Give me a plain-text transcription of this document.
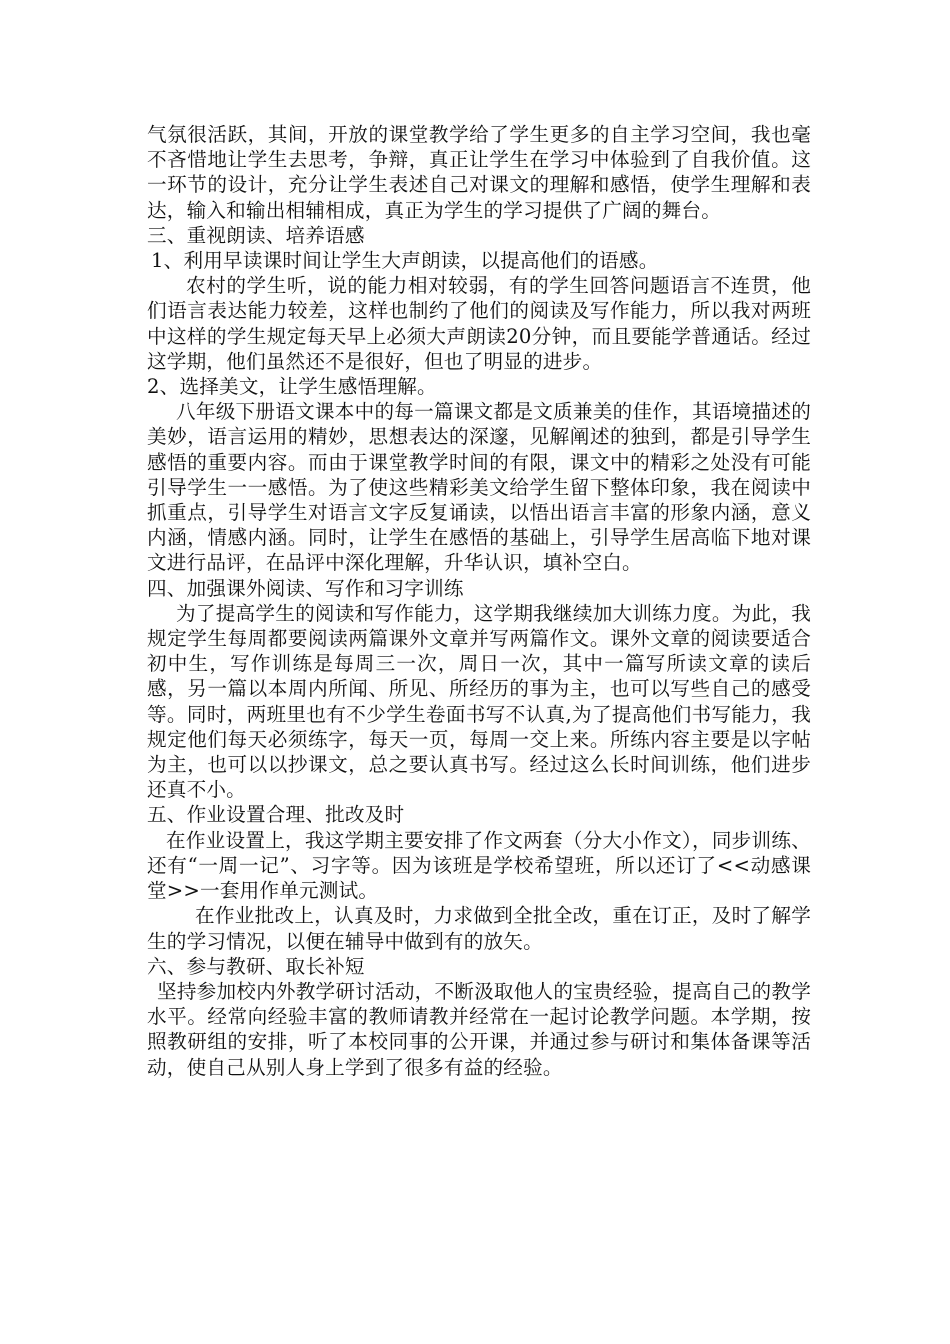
气氛很活跃，其间，开放的课堂教学给了学生更多的自主学习空间，我也毫不吝惜地让学生去思考，争辩，真正让学生在学习中体验到了自我价值。这一环节的设计，充分让学生表述自己对课文的理解和感悟，使学生理解和表达，输入和输出相辅相成，真正为学生的学习提供了广阔的舞台。

三、重视朗读、培养语感

1、利用早读课时间让学生大声朗读，以提高他们的语感。

农村的学生听，说的能力相对较弱，有的学生回答问题语言不连贯，他们语言表达能力较差，这样也制约了他们的阅读及写作能力，所以我对两班中这样的学生规定每天早上必须大声朗读20分钟，而且要能学普通话。经过这学期，他们虽然还不是很好，但也了明显的进步。

2、选择美文，让学生感悟理解。

八年级下册语文课本中的每一篇课文都是文质兼美的佳作，其语境描述的美妙，语言运用的精妙，思想表达的深邃，见解阐述的独到，都是引导学生感悟的重要内容。而由于课堂教学时间的有限，课文中的精彩之处没有可能引导学生一一感悟。为了使这些精彩美文给学生留下整体印象，我在阅读中抓重点，引导学生对语言文字反复诵读，以悟出语言丰富的形象内涵，意义内涵，情感内涵。同时，让学生在感悟的基础上，引导学生居高临下地对课文进行品评，在品评中深化理解，升华认识，填补空白。

四、加强课外阅读、写作和习字训练

为了提高学生的阅读和写作能力，这学期我继续加大训练力度。为此，我规定学生每周都要阅读两篇课外文章并写两篇作文。课外文章的阅读要适合初中生，写作训练是每周三一次，周日一次，其中一篇写所读文章的读后感，另一篇以本周内所闻、所见、所经历的事为主，也可以写些自己的感受等。同时，两班里也有不少学生卷面书写不认真,为了提高他们书写能力，我规定他们每天必须练字，每天一页，每周一交上来。所练内容主要是以字帖为主，也可以以抄课文，总之要认真书写。经过这么长时间训练，他们进步还真不小。

五、作业设置合理、批改及时

在作业设置上，我这学期主要安排了作文两套（分大小作文），同步训练、还有“一周一记”、习字等。因为该班是学校希望班，所以还订了<<动感课堂>>一套用作单元测试。

在作业批改上，认真及时，力求做到全批全改，重在订正，及时了解学生的学习情况，以便在辅导中做到有的放矢。

六、参与教研、取长补短

坚持参加校内外教学研讨活动，不断汲取他人的宝贵经验，提高自己的教学水平。经常向经验丰富的教师请教并经常在一起讨论教学问题。本学期，按照教研组的安排，听了本校同事的公开课，并通过参与研讨和集体备课等活动，使自己从别人身上学到了很多有益的经验。
